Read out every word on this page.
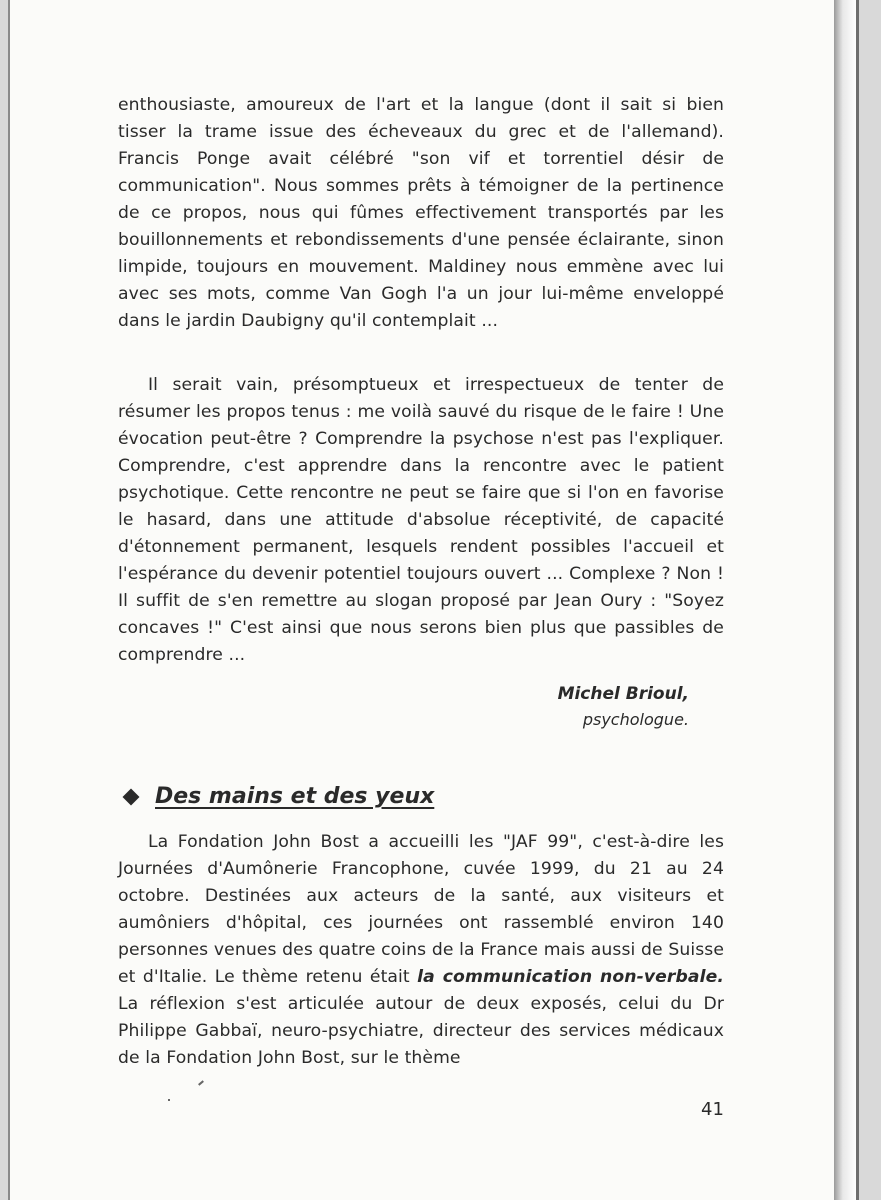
enthousiaste, amoureux de l'art et la langue (dont il sait si bien tisser la trame issue des écheveaux du grec et de l'allemand). Francis Ponge avait célébré "son vif et torrentiel désir de communication". Nous sommes prêts à témoigner de la pertinence de ce propos, nous qui fûmes effectivement transportés par les bouillonnements et rebondissements d'une pensée éclairante, sinon limpide, toujours en mouvement. Maldiney nous emmène avec lui avec ses mots, comme Van Gogh l'a un jour lui-même enveloppé dans le jardin Daubigny qu'il contemplait ...

Il serait vain, présomptueux et irrespectueux de tenter de résumer les propos tenus : me voilà sauvé du risque de le faire ! Une évocation peut-être ? Comprendre la psychose n'est pas l'expliquer. Comprendre, c'est apprendre dans la rencontre avec le patient psychotique. Cette rencontre ne peut se faire que si l'on en favorise le hasard, dans une attitude d'absolue réceptivité, de capacité d'étonnement permanent, lesquels rendent possibles l'accueil et l'espérance du devenir potentiel toujours ouvert ... Complexe ? Non ! Il suffit de s'en remettre au slogan proposé par Jean Oury : "Soyez concaves !" C'est ainsi que nous serons bien plus que passibles de comprendre ...

Michel Brioul,

psychologue.

Des mains et des yeux

La Fondation John Bost a accueilli les "JAF 99", c'est-à-dire les Journées d'Aumônerie Francophone, cuvée 1999, du 21 au 24 octobre. Destinées aux acteurs de la santé, aux visiteurs et aumôniers d'hôpital, ces journées ont rassemblé environ 140 personnes venues des quatre coins de la France mais aussi de Suisse et d'Italie. Le thème retenu était la communication non-verbale. La réflexion s'est articulée autour de deux exposés, celui du Dr Philippe Gabbaï, neuro-psychiatre, directeur des services médicaux de la Fondation John Bost, sur le thème

41
